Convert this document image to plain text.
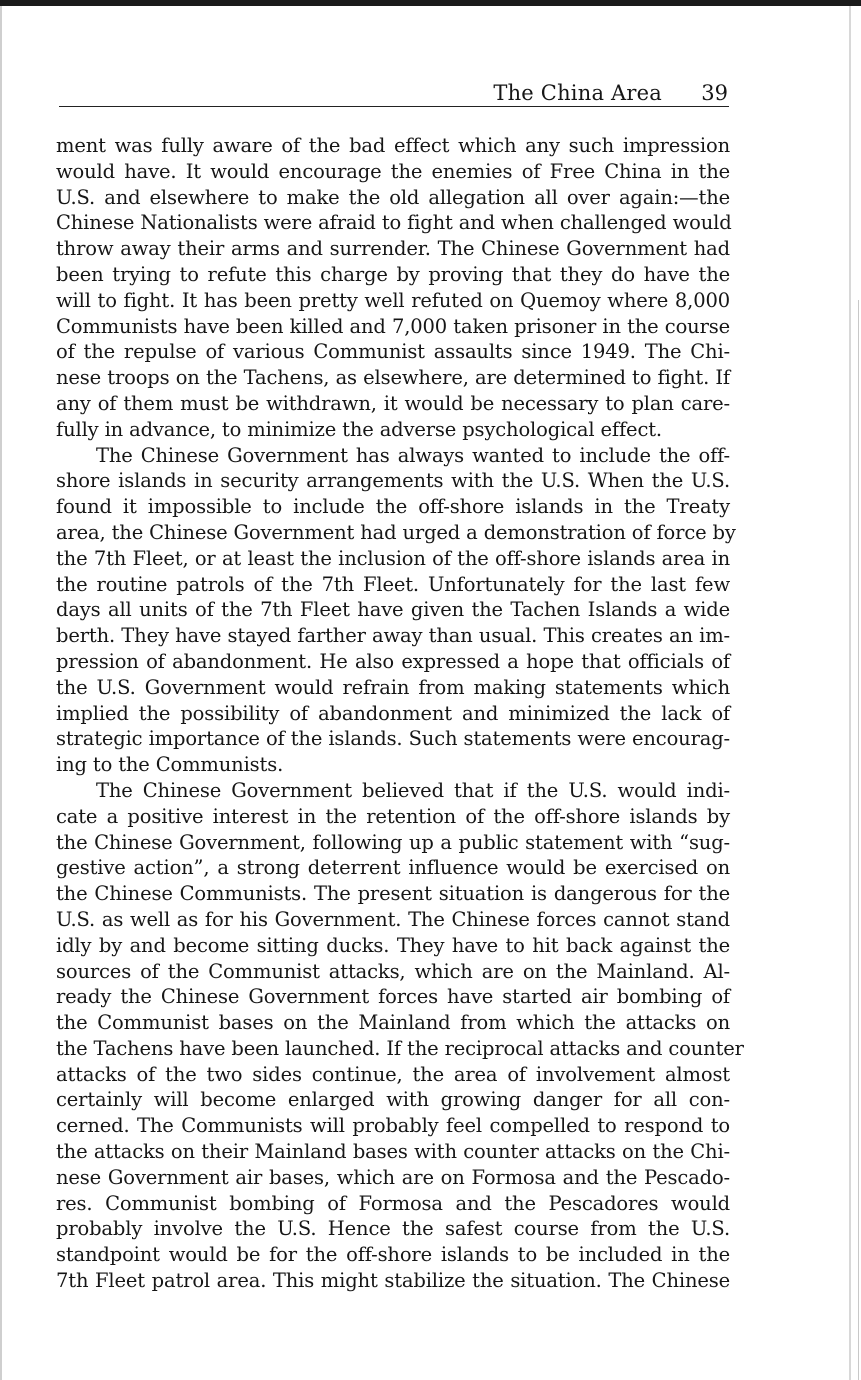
The China Area 39
ment was fully aware of the bad effect which any such impression
would have. It would encourage the enemies of Free China in the
U.S. and elsewhere to make the old allegation all over again:—the
Chinese Nationalists were afraid to fight and when challenged would
throw away their arms and surrender. The Chinese Government had
been trying to refute this charge by proving that they do have the
will to fight. It has been pretty well refuted on Quemoy where 8,000
Communists have been killed and 7,000 taken prisoner in the course
of the repulse of various Communist assaults since 1949. The Chi-
nese troops on the Tachens, as elsewhere, are determined to fight. If
any of them must be withdrawn, it would be necessary to plan care-
fully in advance, to minimize the adverse psychological effect.
The Chinese Government has always wanted to include the off-
shore islands in security arrangements with the U.S. When the U.S.
found it impossible to include the off-shore islands in the Treaty
area, the Chinese Government had urged a demonstration of force by
the 7th Fleet, or at least the inclusion of the off-shore islands area in
the routine patrols of the 7th Fleet. Unfortunately for the last few
days all units of the 7th Fleet have given the Tachen Islands a wide
berth. They have stayed farther away than usual. This creates an im-
pression of abandonment. He also expressed a hope that officials of
the U.S. Government would refrain from making statements which
implied the possibility of abandonment and minimized the lack of
strategic importance of the islands. Such statements were encourag-
ing to the Communists.
The Chinese Government believed that if the U.S. would indi-
cate a positive interest in the retention of the off-shore islands by
the Chinese Government, following up a public statement with “sug-
gestive action”, a strong deterrent influence would be exercised on
the Chinese Communists. The present situation is dangerous for the
U.S. as well as for his Government. The Chinese forces cannot stand
idly by and become sitting ducks. They have to hit back against the
sources of the Communist attacks, which are on the Mainland. Al-
ready the Chinese Government forces have started air bombing of
the Communist bases on the Mainland from which the attacks on
the Tachens have been launched. If the reciprocal attacks and counter
attacks of the two sides continue, the area of involvement almost
certainly will become enlarged with growing danger for all con-
cerned. The Communists will probably feel compelled to respond to
the attacks on their Mainland bases with counter attacks on the Chi-
nese Government air bases, which are on Formosa and the Pescado-
res. Communist bombing of Formosa and the Pescadores would
probably involve the U.S. Hence the safest course from the U.S.
standpoint would be for the off-shore islands to be included in the
7th Fleet patrol area. This might stabilize the situation. The Chinese
